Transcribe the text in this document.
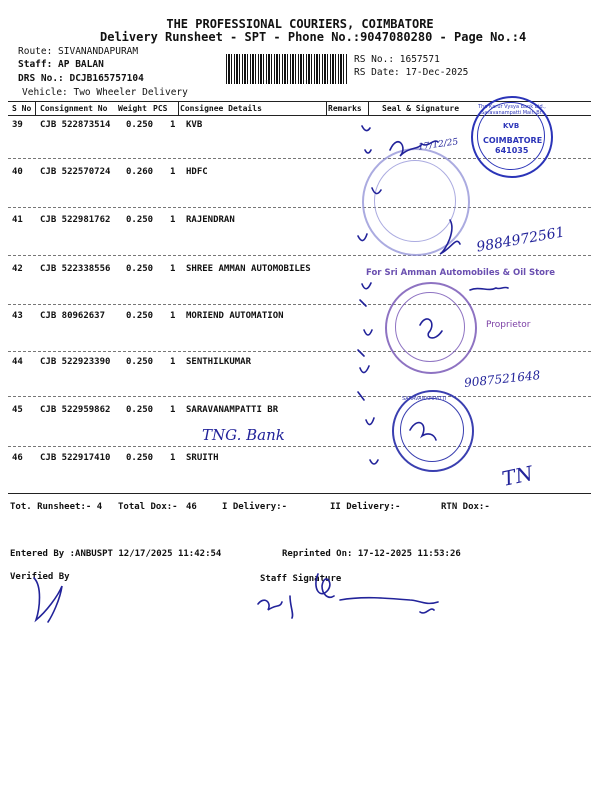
THE PROFESSIONAL COURIERS, COIMBATORE
Delivery Runsheet - SPT - Phone No.:9047080280 - Page No.:4
Route: SIVANANDAPURAM
Staff: AP BALAN
DRS No.: DCJB165757104
Vehicle: Two Wheeler Delivery
RS No.: 1657571
RS Date: 17-Dec-2025
S No Consignment No Weight PCS Consignee Details	Remarks	Seal & Signature
39 CJB 522873514 0.250 1 KVB
40 CJB 522570724 0.260 1 HDFC
41 CJB 522981762 0.250 1 RAJENDRAN
42 CJB 522338556 0.250 1 SHREE AMMAN AUTOMOBILES
43 CJB 80962637 0.250 1 MORIEND AUTOMATION
44 CJB 522923390 0.250 1 SENTHILKUMAR
45 CJB 522959862 0.250 1 SARAVANAMPATTI BR
46 CJB 522917410 0.250 1 SRUITH
Tot. Runsheet:- 4 Total Dox:- 46	I Delivery:-	II Delivery:-	RTN Dox:-
Entered By :ANBUSPT 12/17/2025 11:42:54	Reprinted On: 17-12-2025 11:53:26
Verified By	Staff Signature
The Karur Vysya Bank Ltd., Saravanampatti Main Br.
KVB
COIMBATORE
641035
For Sri Amman Automobiles & Oil Store
Proprietor
SARAVANAMPATTI
9884972561
9087521648
TNG. Bank
TN
17/12/25
